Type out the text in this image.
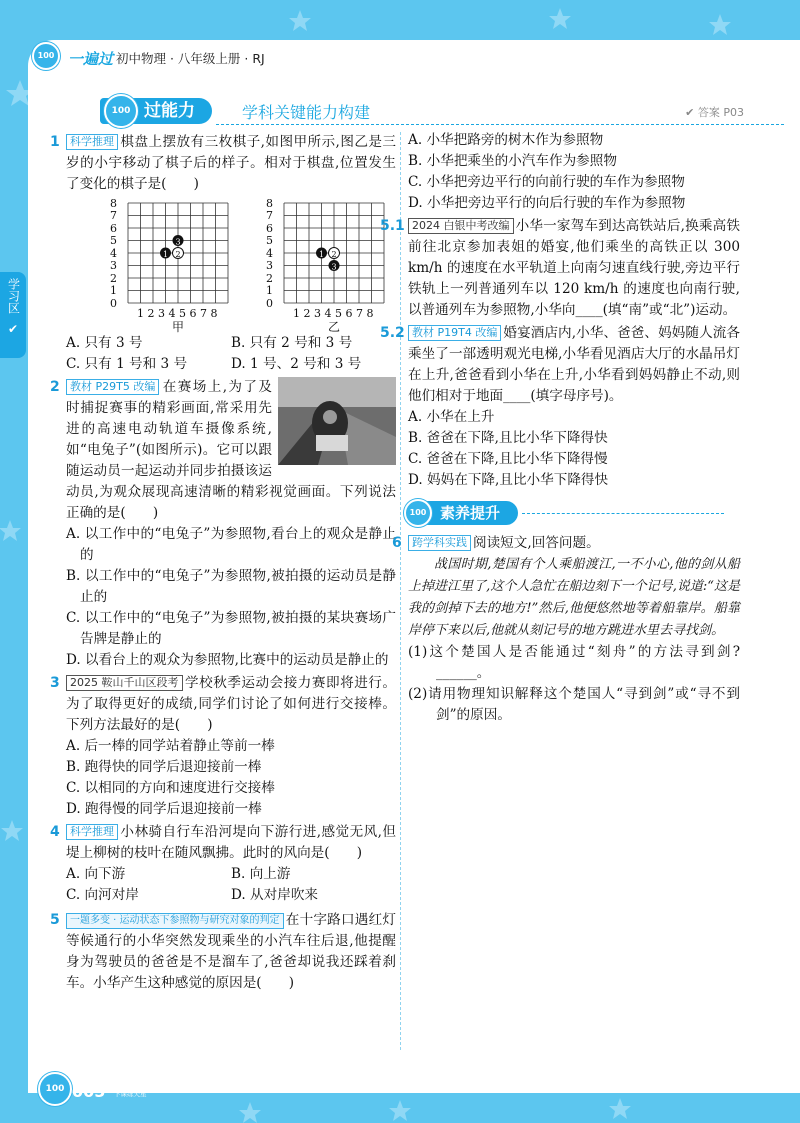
100 一遍过 初中物理 · 八年级上册 · RJ
过能力
100	学科关键能力构建	✔ 答案 P03
学习区
✔
1 科学推理 棋盘上摆放有三枚棋子,如图甲所示,图乙是三岁的小宇移动了棋子后的样子。相对于棋盘,位置发生了变化的棋子是(　　)

8
7
6
5
4
3
2
1
0
1 2 3 4 5 6 7 8
1 2
3
8
7
6
5
4
3
2
1
0
1 2 3 4 5 6 7 8
1 2
3
甲	乙
A. 只有 3 号	B. 只有 2 号和 3 号
C. 只有 1 号和 3 号	D. 1 号、2 号和 3 号
2 教材 P29T5 改编 在赛场上,为了及时捕捉赛事的精彩画面,常采用先进的高速电动轨道车摄像系统,如“电兔子”(如图所示)。它可以跟随运动员一起运动并同步拍摄该运动员,为观众展现高速清晰的精彩视觉画面。下列说法正确的是(　　)

A. 以工作中的“电兔子”为参照物,看台上的观众是静止的

B. 以工作中的“电兔子”为参照物,被拍摄的运动员是静止的

C. 以工作中的“电兔子”为参照物,被拍摄的某块赛场广告牌是静止的

D. 以看台上的观众为参照物,比赛中的运动员是静止的

3 2025 鞍山千山区段考 学校秋季运动会接力赛即将进行。为了取得更好的成绩,同学们讨论了如何进行交接棒。下列方法最好的是(　　)

A. 后一棒的同学站着静止等前一棒

B. 跑得快的同学后退迎接前一棒

C. 以相同的方向和速度进行交接棒

D. 跑得慢的同学后退迎接前一棒

4 科学推理 小林骑自行车沿河堤向下游行进,感觉无风,但堤上柳树的枝叶在随风飘拂。此时的风向是(　　)

A. 向下游	B. 向上游
C. 向河对岸	D. 从对岸吹来
5	一题多变 · 运动状态下参照物与研究对象的判定 在十字路口遇红灯等候通行的小华突然发现乘坐的小汽车往后退,他提醒身为驾驶员的爸爸是不是溜车了,爸爸却说我还踩着刹车。小华产生这种感觉的原因是(　　)

A. 小华把路旁的树木作为参照物

B. 小华把乘坐的小汽车作为参照物

C. 小华把旁边平行的向前行驶的车作为参照物

D. 小华把旁边平行的向后行驶的车作为参照物

5.1 2024 白银中考改编 小华一家驾车到达高铁站后,换乘高铁前往北京参加表姐的婚宴,他们乘坐的高铁正以 300 km/h 的速度在水平轨道上向南匀速直线行驶,旁边平行铁轨上一列普通列车以 120 km/h 的速度也向南行驶,以普通列车为参照物,小华向____(填“南”或“北”)运动。

5.2 教材 P19T4 改编 婚宴酒店内,小华、爸爸、妈妈随人流各乘坐了一部透明观光电梯,小华看见酒店大厅的水晶吊灯在上升,爸爸看到小华在上升,小华看到妈妈静止不动,则他们相对于地面____(填字母序号)。

A. 小华在上升

B. 爸爸在下降,且比小华下降得快

C. 爸爸在下降,且比小华下降得慢

D. 妈妈在下降,且比小华下降得快

素养提升
100
6 跨学科实践 阅读短文,回答问题。

战国时期,楚国有个人乘船渡江,一不小心,他的剑从船上掉进江里了,这个人急忙在船边刻下一个记号,说道:“这是我的剑掉下去的地方!”然后,他便悠然地等着船靠岸。船靠岸停下来以后,他就从刻记号的地方跳进水里去寻找剑。

(1)这个楚国人是否能通过“刻舟”的方法寻到剑?______。

(2)请用物理知识解释这个楚国人“寻到剑”或“寻不到剑”的原因。

100 005 上课认真听
下课练天星
